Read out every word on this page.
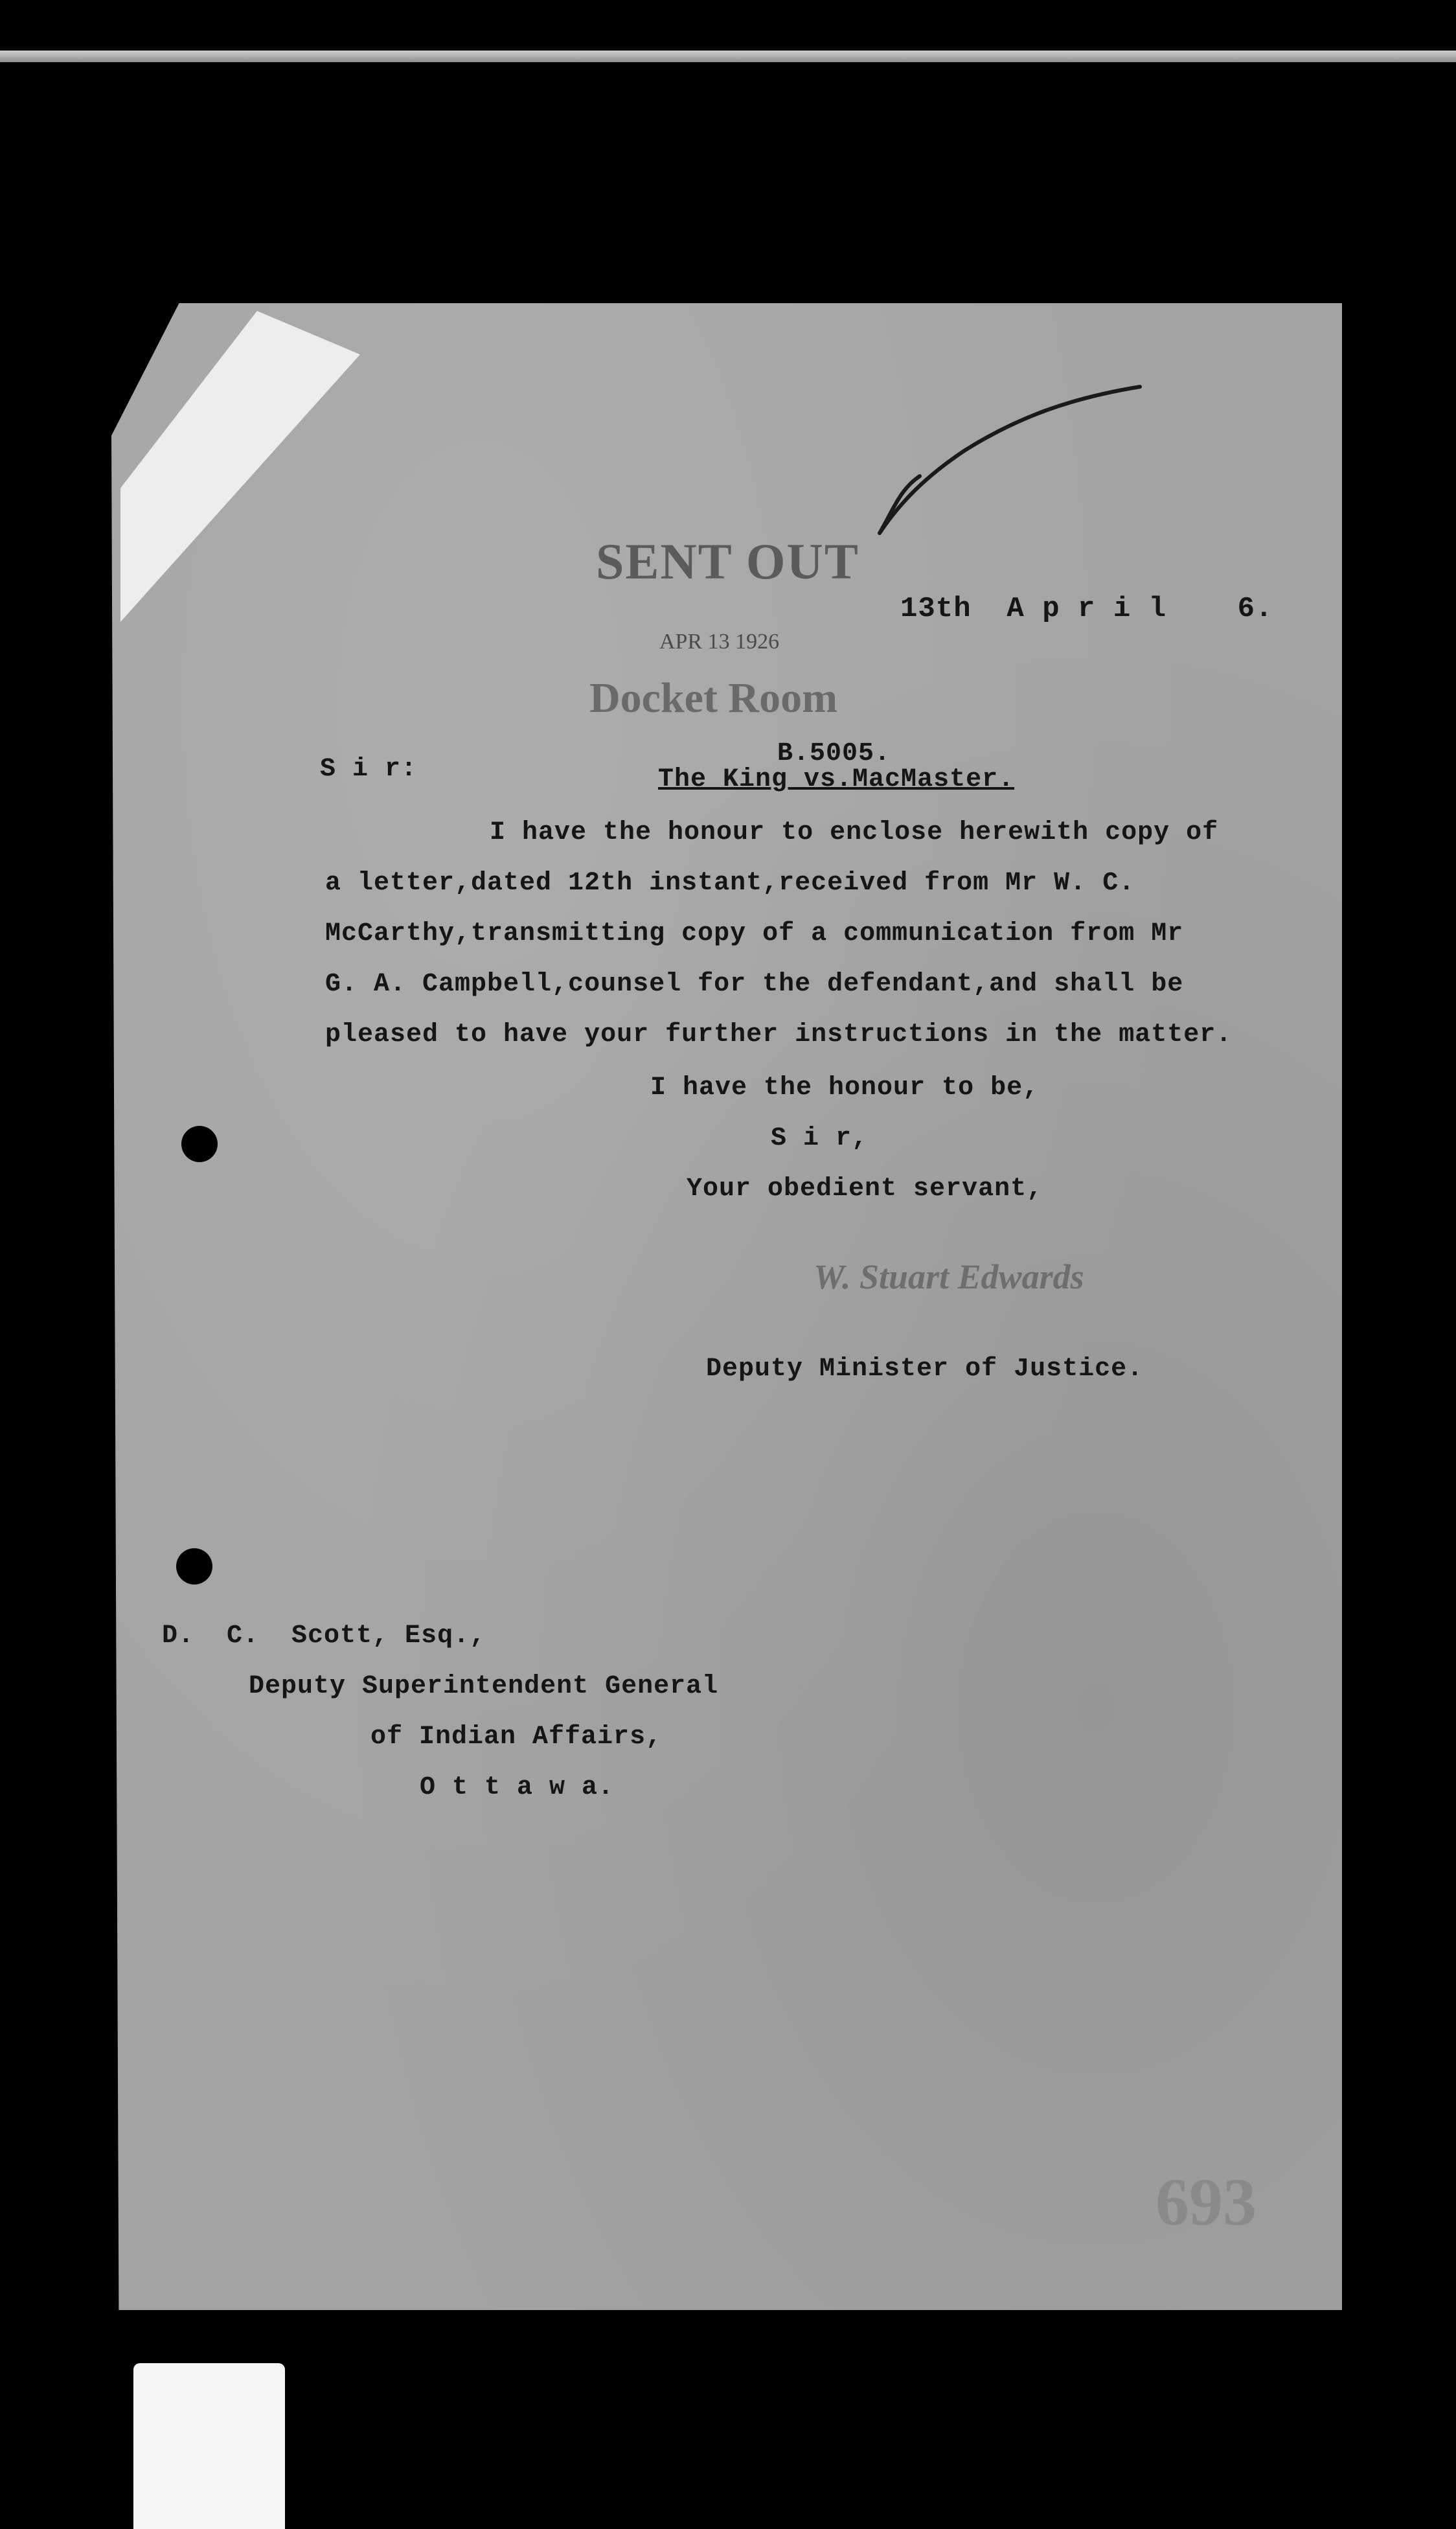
SENT OUT
APR 13 1926
Docket Room
13th  A p r i l    6.
S i r:
B.5005.
The King vs.MacMaster.
I have the honour to enclose herewith copy of
a letter,dated 12th instant,received from Mr W. C.
McCarthy,transmitting copy of a communication from Mr
G. A. Campbell,counsel for the defendant,and shall be
pleased to have your further instructions in the matter.
I have the honour to be,
S i r,
Your obedient servant,
W. Stuart Edwards
Deputy Minister of Justice.
D.  C.  Scott, Esq.,
Deputy Superintendent General
of Indian Affairs,
O t t a w a.
693
